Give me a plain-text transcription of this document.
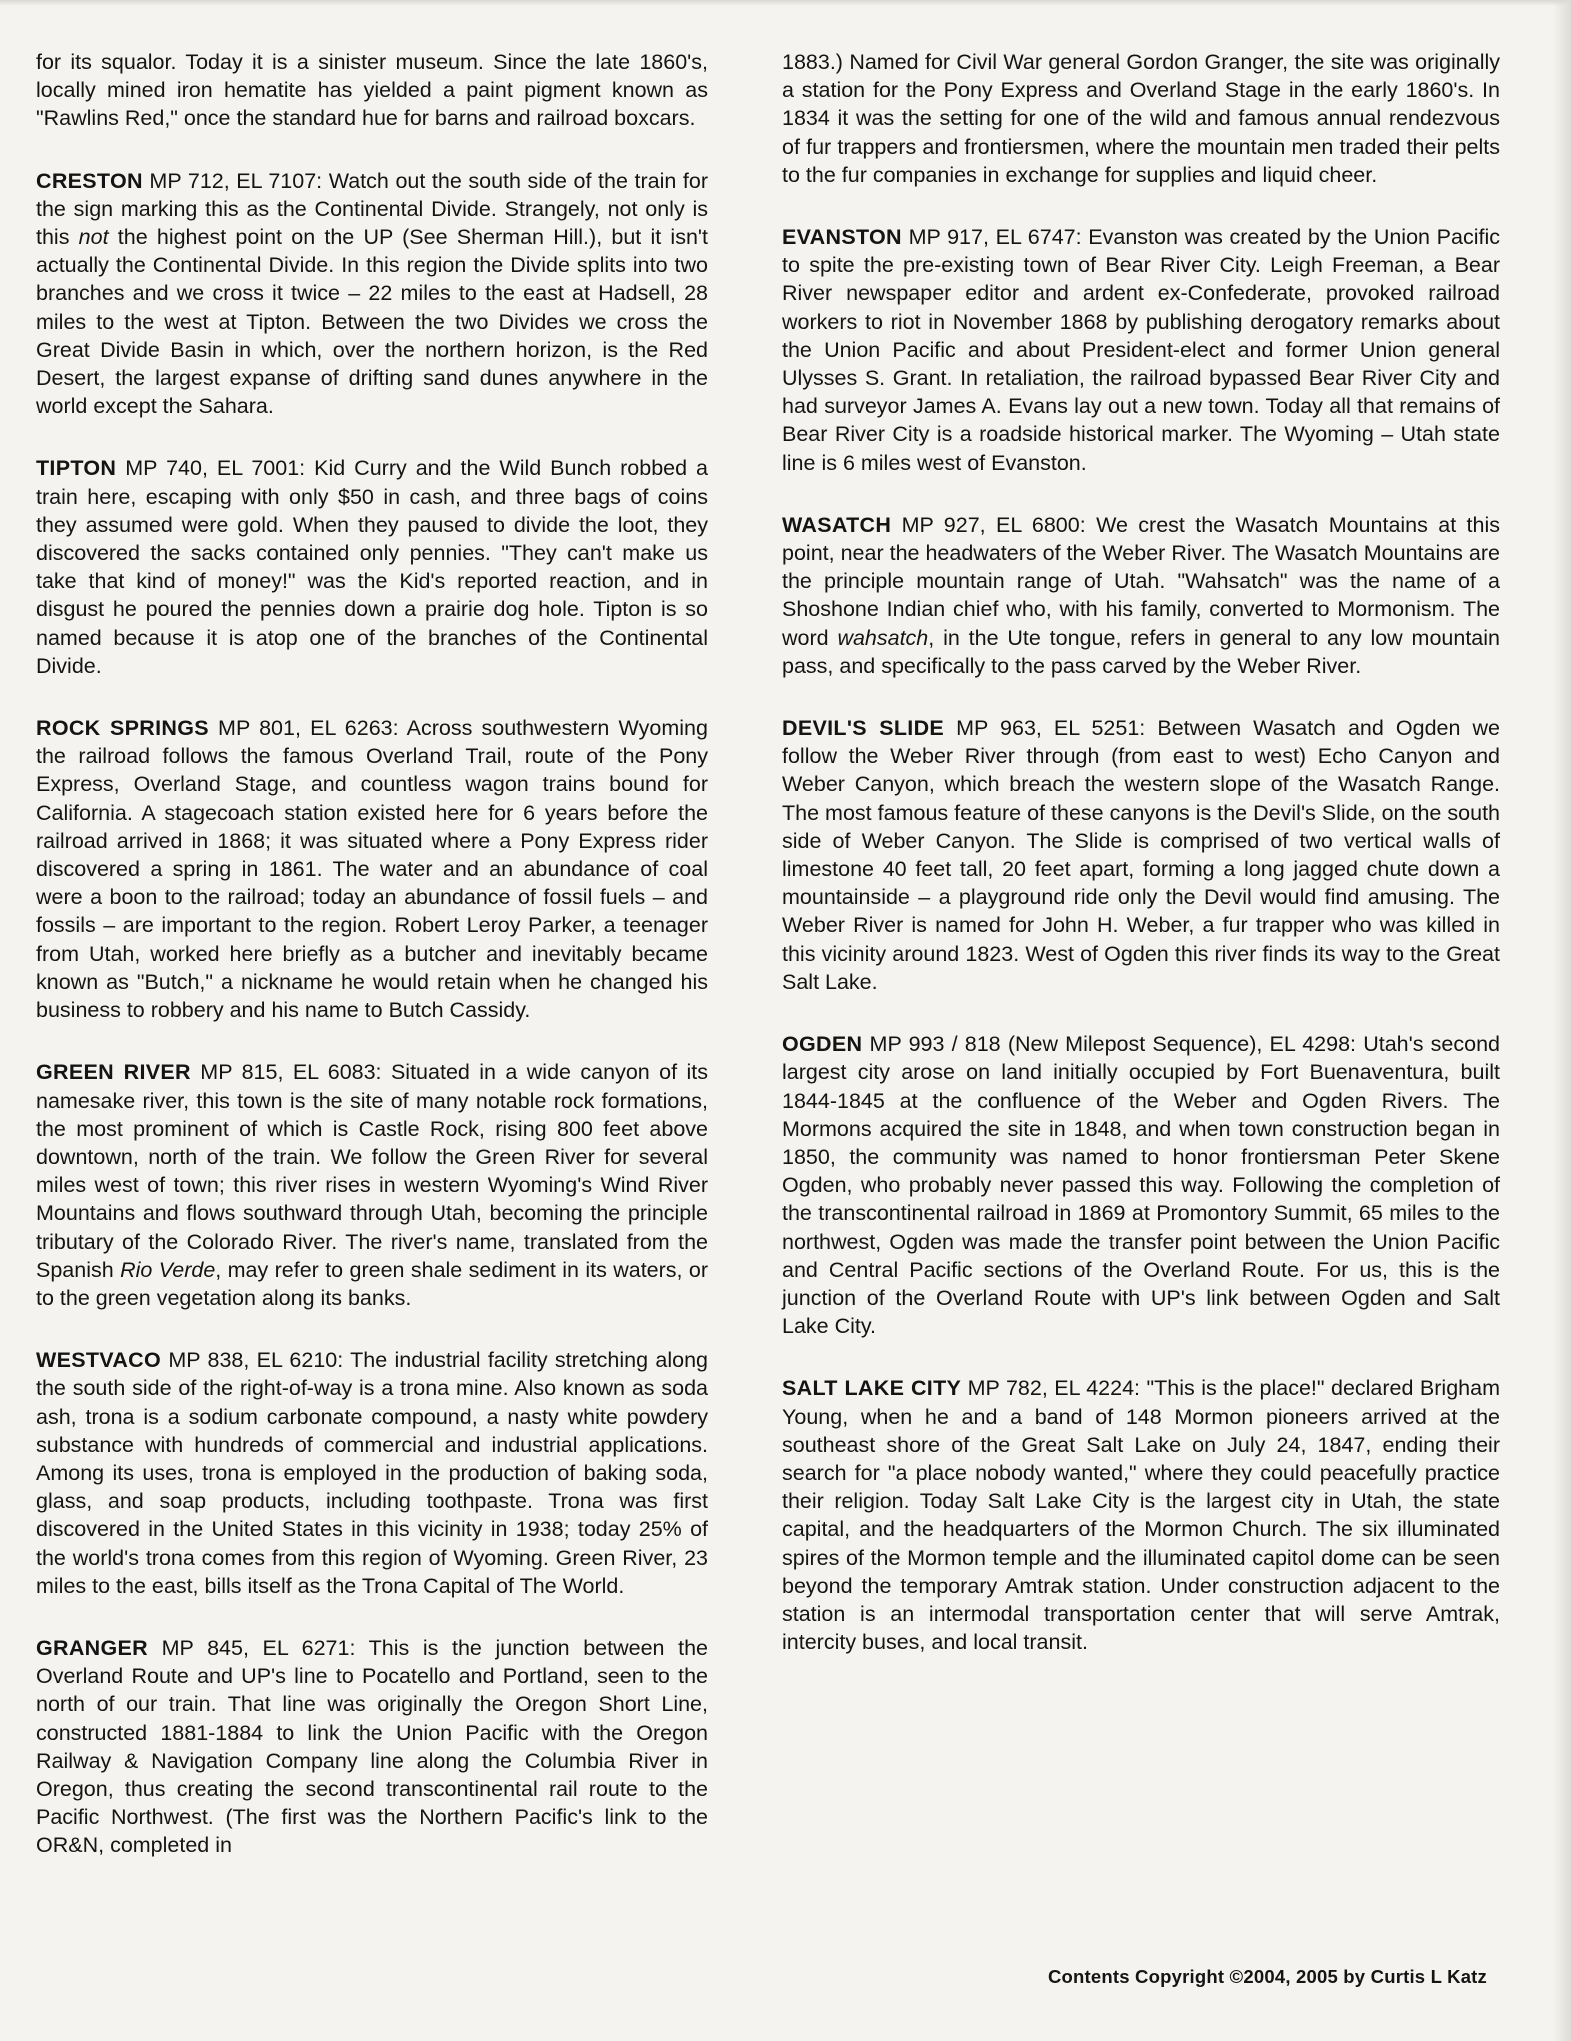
for its squalor. Today it is a sinister museum. Since the late 1860's, locally mined iron hematite has yielded a paint pigment known as "Rawlins Red," once the standard hue for barns and railroad boxcars.

CRESTON MP 712, EL 7107: Watch out the south side of the train for the sign marking this as the Continental Divide. Strangely, not only is this not the highest point on the UP (See Sherman Hill.), but it isn't actually the Continental Divide. In this region the Divide splits into two branches and we cross it twice – 22 miles to the east at Hadsell, 28 miles to the west at Tipton. Between the two Divides we cross the Great Divide Basin in which, over the northern horizon, is the Red Desert, the largest expanse of drifting sand dunes anywhere in the world except the Sahara.

TIPTON MP 740, EL 7001: Kid Curry and the Wild Bunch robbed a train here, escaping with only $50 in cash, and three bags of coins they assumed were gold. When they paused to divide the loot, they discovered the sacks contained only pennies. "They can't make us take that kind of money!" was the Kid's reported reaction, and in disgust he poured the pennies down a prairie dog hole. Tipton is so named because it is atop one of the branches of the Continental Divide.

ROCK SPRINGS MP 801, EL 6263: Across southwestern Wyoming the railroad follows the famous Overland Trail, route of the Pony Express, Overland Stage, and countless wagon trains bound for California. A stagecoach station existed here for 6 years before the railroad arrived in 1868; it was situated where a Pony Express rider discovered a spring in 1861. The water and an abundance of coal were a boon to the railroad; today an abundance of fossil fuels – and fossils – are important to the region. Robert Leroy Parker, a teenager from Utah, worked here briefly as a butcher and inevitably became known as "Butch," a nickname he would retain when he changed his business to robbery and his name to Butch Cassidy.

GREEN RIVER MP 815, EL 6083: Situated in a wide canyon of its namesake river, this town is the site of many notable rock formations, the most prominent of which is Castle Rock, rising 800 feet above downtown, north of the train. We follow the Green River for several miles west of town; this river rises in western Wyoming's Wind River Mountains and flows southward through Utah, becoming the principle tributary of the Colorado River. The river's name, translated from the Spanish Rio Verde, may refer to green shale sediment in its waters, or to the green vegetation along its banks.

WESTVACO MP 838, EL 6210: The industrial facility stretching along the south side of the right-of-way is a trona mine. Also known as soda ash, trona is a sodium carbonate compound, a nasty white powdery substance with hundreds of commercial and industrial applications. Among its uses, trona is employed in the production of baking soda, glass, and soap products, including toothpaste. Trona was first discovered in the United States in this vicinity in 1938; today 25% of the world's trona comes from this region of Wyoming. Green River, 23 miles to the east, bills itself as the Trona Capital of The World.

GRANGER MP 845, EL 6271: This is the junction between the Overland Route and UP's line to Pocatello and Portland, seen to the north of our train. That line was originally the Oregon Short Line, constructed 1881-1884 to link the Union Pacific with the Oregon Railway & Navigation Company line along the Columbia River in Oregon, thus creating the second transcontinental rail route to the Pacific Northwest. (The first was the Northern Pacific's link to the OR&N, completed in

1883.) Named for Civil War general Gordon Granger, the site was originally a station for the Pony Express and Overland Stage in the early 1860's. In 1834 it was the setting for one of the wild and famous annual rendezvous of fur trappers and frontiersmen, where the mountain men traded their pelts to the fur companies in exchange for supplies and liquid cheer.

EVANSTON MP 917, EL 6747: Evanston was created by the Union Pacific to spite the pre-existing town of Bear River City. Leigh Freeman, a Bear River newspaper editor and ardent ex-Confederate, provoked railroad workers to riot in November 1868 by publishing derogatory remarks about the Union Pacific and about President-elect and former Union general Ulysses S. Grant. In retaliation, the railroad bypassed Bear River City and had surveyor James A. Evans lay out a new town. Today all that remains of Bear River City is a roadside historical marker. The Wyoming – Utah state line is 6 miles west of Evanston.

WASATCH MP 927, EL 6800: We crest the Wasatch Mountains at this point, near the headwaters of the Weber River. The Wasatch Mountains are the principle mountain range of Utah. "Wahsatch" was the name of a Shoshone Indian chief who, with his family, converted to Mormonism. The word wahsatch, in the Ute tongue, refers in general to any low mountain pass, and specifically to the pass carved by the Weber River.

DEVIL'S SLIDE MP 963, EL 5251: Between Wasatch and Ogden we follow the Weber River through (from east to west) Echo Canyon and Weber Canyon, which breach the western slope of the Wasatch Range. The most famous feature of these canyons is the Devil's Slide, on the south side of Weber Canyon. The Slide is comprised of two vertical walls of limestone 40 feet tall, 20 feet apart, forming a long jagged chute down a mountainside – a playground ride only the Devil would find amusing. The Weber River is named for John H. Weber, a fur trapper who was killed in this vicinity around 1823. West of Ogden this river finds its way to the Great Salt Lake.

OGDEN MP 993 / 818 (New Milepost Sequence), EL 4298: Utah's second largest city arose on land initially occupied by Fort Buenaventura, built 1844-1845 at the confluence of the Weber and Ogden Rivers. The Mormons acquired the site in 1848, and when town construction began in 1850, the community was named to honor frontiersman Peter Skene Ogden, who probably never passed this way. Following the completion of the transcontinental railroad in 1869 at Promontory Summit, 65 miles to the northwest, Ogden was made the transfer point between the Union Pacific and Central Pacific sections of the Overland Route. For us, this is the junction of the Overland Route with UP's link between Ogden and Salt Lake City.

SALT LAKE CITY MP 782, EL 4224: "This is the place!" declared Brigham Young, when he and a band of 148 Mormon pioneers arrived at the southeast shore of the Great Salt Lake on July 24, 1847, ending their search for "a place nobody wanted," where they could peacefully practice their religion. Today Salt Lake City is the largest city in Utah, the state capital, and the headquarters of the Mormon Church. The six illuminated spires of the Mormon temple and the illuminated capitol dome can be seen beyond the temporary Amtrak station. Under construction adjacent to the station is an intermodal transportation center that will serve Amtrak, intercity buses, and local transit.

Contents Copyright ©2004, 2005 by Curtis L Katz
